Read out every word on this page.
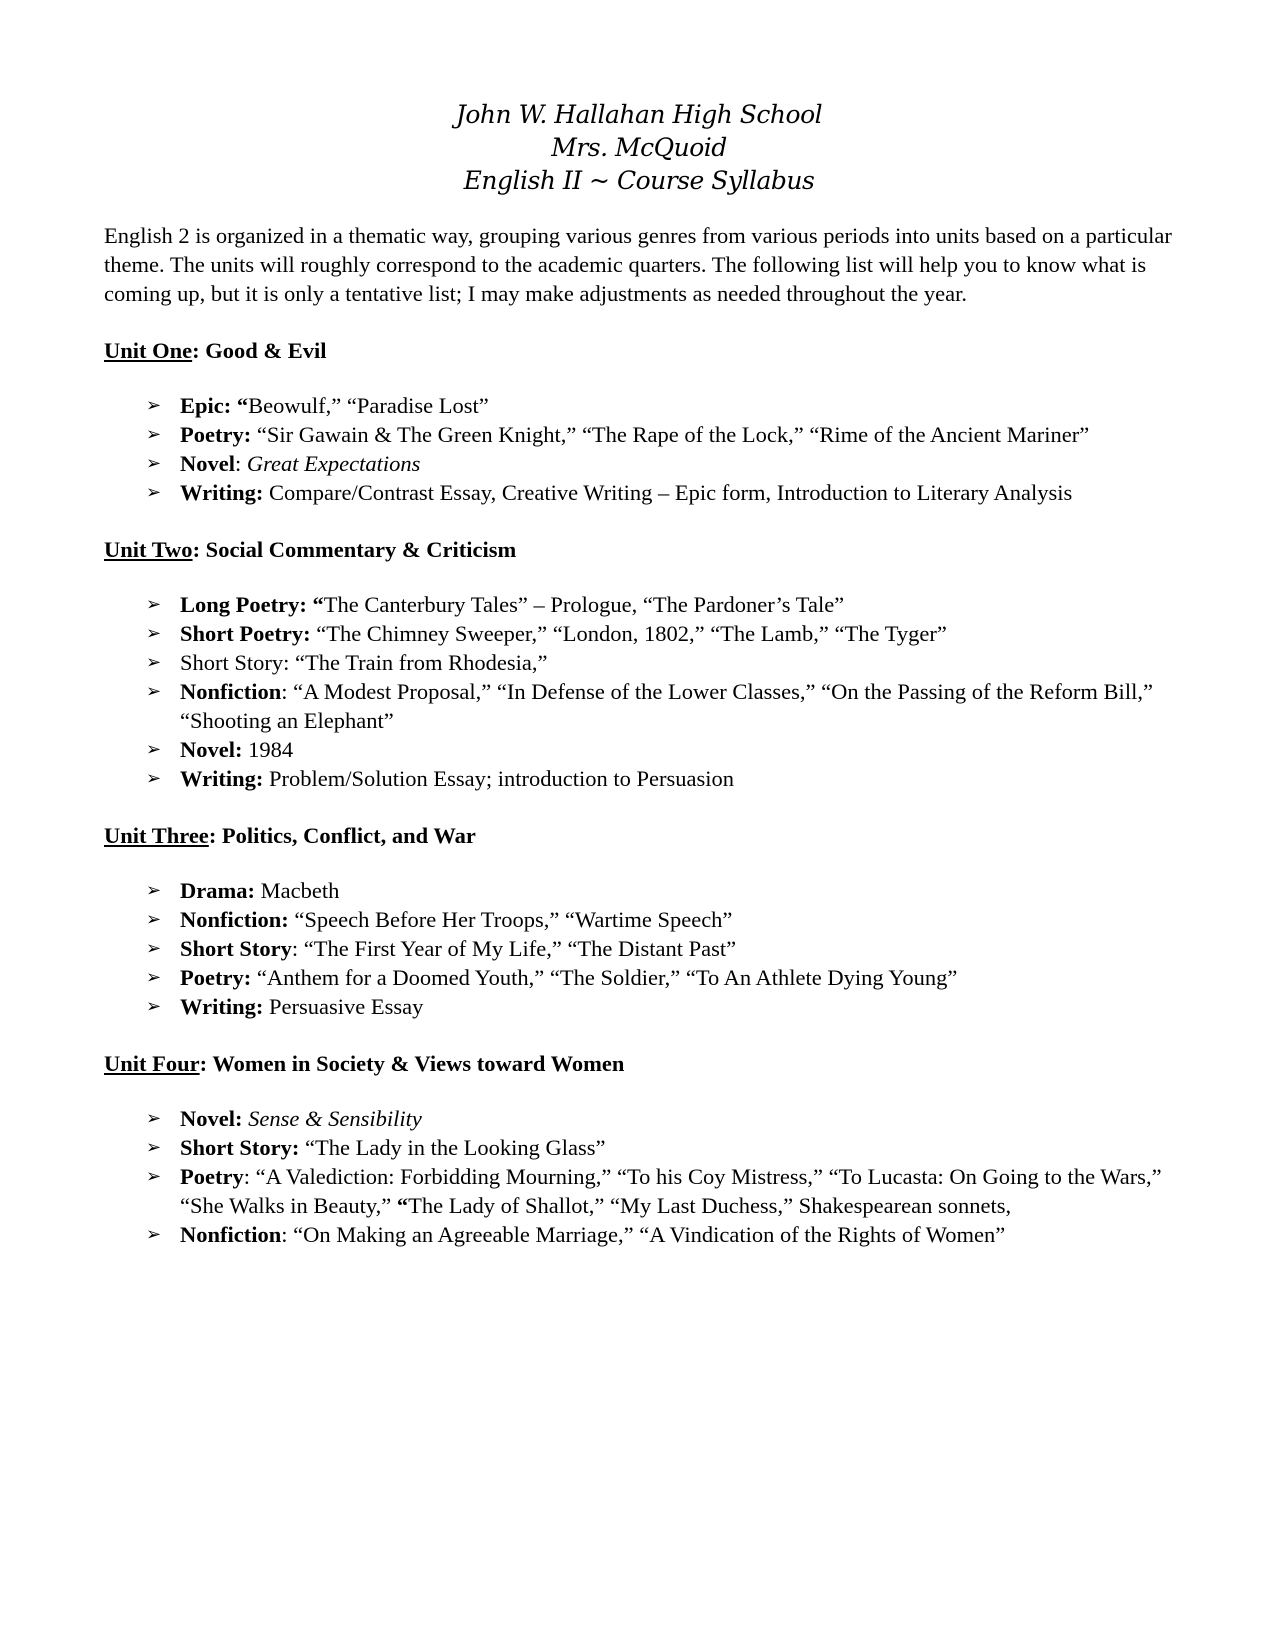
John W. Hallahan High School
Mrs. McQuoid
English II ~ Course Syllabus
English 2 is organized in a thematic way, grouping various genres from various periods into units based on a particular theme. The units will roughly correspond to the academic quarters. The following list will help you to know what is coming up, but it is only a tentative list; I may make adjustments as needed throughout the year.
Unit One: Good & Evil
➢ Epic: “Beowulf,” “Paradise Lost”
➢ Poetry: “Sir Gawain & The Green Knight,” “The Rape of the Lock,” “Rime of the Ancient Mariner”
➢ Novel: Great Expectations
➢ Writing: Compare/Contrast Essay, Creative Writing – Epic form, Introduction to Literary Analysis
Unit Two: Social Commentary & Criticism
➢ Long Poetry: “The Canterbury Tales” – Prologue, “The Pardoner’s Tale”
➢ Short Poetry: “The Chimney Sweeper,” “London, 1802,” “The Lamb,” “The Tyger”
➢ Short Story: “The Train from Rhodesia,”
➢ Nonfiction: “A Modest Proposal,” “In Defense of the Lower Classes,” “On the Passing of the Reform Bill,” “Shooting an Elephant”
➢ Novel: 1984
➢ Writing: Problem/Solution Essay; introduction to Persuasion
Unit Three: Politics, Conflict, and War
➢ Drama: Macbeth
➢ Nonfiction: “Speech Before Her Troops,” “Wartime Speech”
➢ Short Story: “The First Year of My Life,” “The Distant Past”
➢ Poetry: “Anthem for a Doomed Youth,” “The Soldier,” “To An Athlete Dying Young”
➢ Writing: Persuasive Essay
Unit Four: Women in Society & Views toward Women
➢ Novel: Sense & Sensibility
➢ Short Story: “The Lady in the Looking Glass”
➢ Poetry: “A Valediction: Forbidding Mourning,” “To his Coy Mistress,” “To Lucasta: On Going to the Wars,” “She Walks in Beauty,” “The Lady of Shallot,” “My Last Duchess,” Shakespearean sonnets,
➢ Nonfiction: “On Making an Agreeable Marriage,” “A Vindication of the Rights of Women”
